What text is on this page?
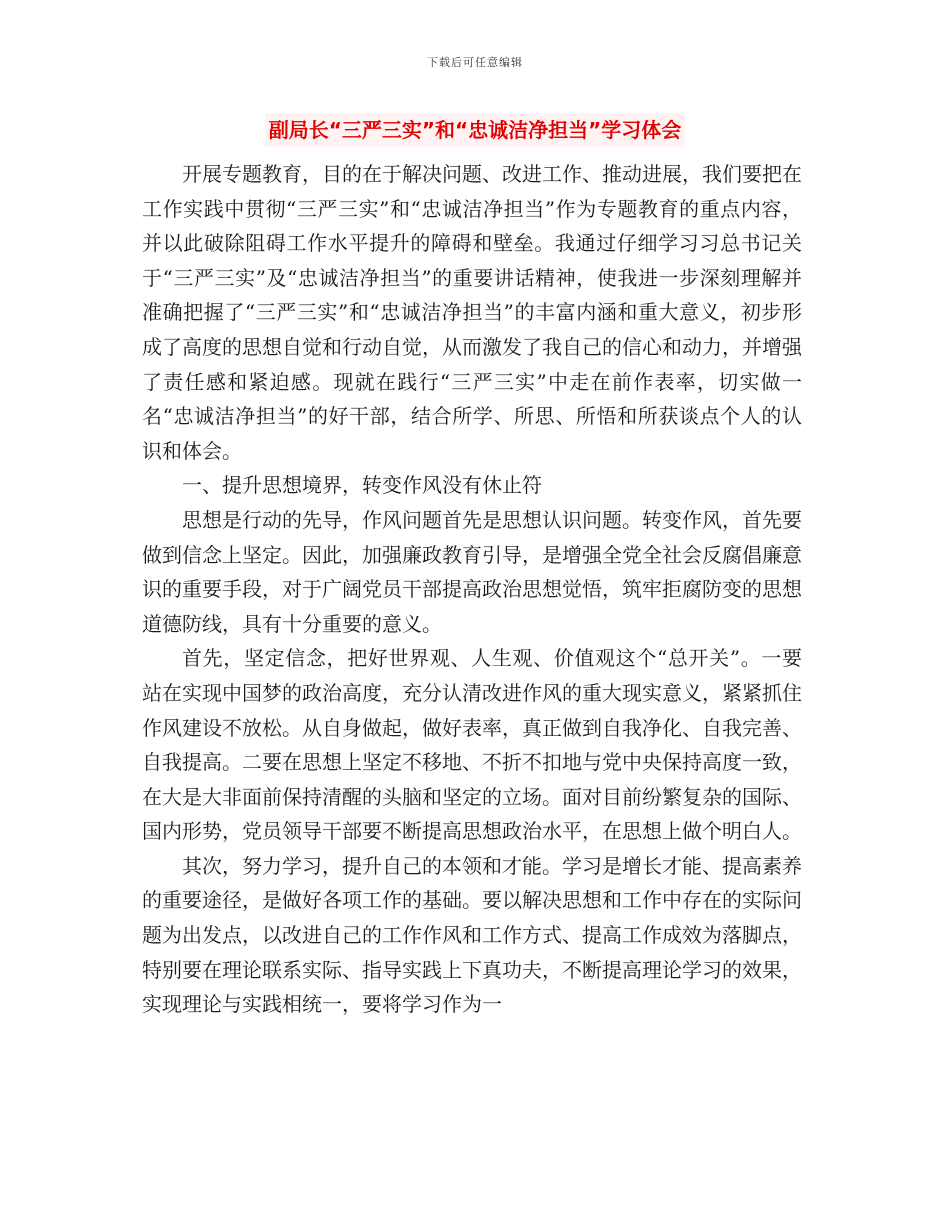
下载后可任意编辑
副局长“三严三实”和“忠诚洁净担当”学习体会

开展专题教育，目的在于解决问题、改进工作、推动进展，我们要把在工作实践中贯彻“三严三实”和“忠诚洁净担当”作为专题教育的重点内容，并以此破除阻碍工作水平提升的障碍和壁垒。我通过仔细学习习总书记关于“三严三实”及“忠诚洁净担当”的重要讲话精神，使我进一步深刻理解并准确把握了“三严三实”和“忠诚洁净担当”的丰富内涵和重大意义，初步形成了高度的思想自觉和行动自觉，从而激发了我自己的信心和动力，并增强了责任感和紧迫感。现就在践行“三严三实”中走在前作表率，切实做一名“忠诚洁净担当”的好干部，结合所学、所思、所悟和所获谈点个人的认识和体会。

一、提升思想境界，转变作风没有休止符

思想是行动的先导，作风问题首先是思想认识问题。转变作风，首先要做到信念上坚定。因此，加强廉政教育引导，是增强全党全社会反腐倡廉意识的重要手段，对于广阔党员干部提高政治思想觉悟，筑牢拒腐防变的思想道德防线，具有十分重要的意义。

首先，坚定信念，把好世界观、人生观、价值观这个“总开关”。一要站在实现中国梦的政治高度，充分认清改进作风的重大现实意义，紧紧抓住作风建设不放松。从自身做起，做好表率，真正做到自我净化、自我完善、自我提高。二要在思想上坚定不移地、不折不扣地与党中央保持高度一致，在大是大非面前保持清醒的头脑和坚定的立场。面对目前纷繁复杂的国际、国内形势，党员领导干部要不断提高思想政治水平，在思想上做个明白人。

其次，努力学习，提升自己的本领和才能。学习是增长才能、提高素养的重要途径，是做好各项工作的基础。要以解决思想和工作中存在的实际问题为出发点，以改进自己的工作作风和工作方式、提高工作成效为落脚点，特别要在理论联系实际、指导实践上下真功夫，不断提高理论学习的效果，实现理论与实践相统一，要将学习作为一
